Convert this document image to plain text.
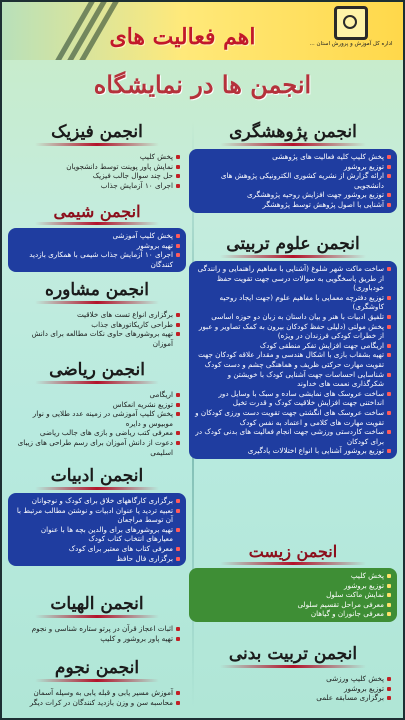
اداره کل آموزش و پرورش استان ...
اهم فعالیت های
انجمن ها در نمایشگاه
انجمن پژوهشگری

پخش کلیپ کلیه فعالیت های پژوهشی

توزیع بروشور

ارائه گزارش از نشریه کشوری الکترونیکی پژوهش های دانشجویی

توزیع بروشور جهت افزایش روحیه پژوهشگری

آشنایی با اصول پژوهش توسط پژوهشگر

انجمن علوم تربیتی

ساخت ماکت شهر شلوغ (آشنایی با مفاهیم راهنمایی و رانندگی از طریق پاسخگویی به سوالات درسی جهت تقویت حفظ خودباوری)

توزیع دفترچه معمایی با مفاهیم علوم (جهت ایجاد روحیه کاوشگری)

تلفیق ادبیات با هنر و بیان داستان به زبان دو حوزه اساسی

پخش مولتی (دلیلی حفظ کودکان بیرون به کمک تصاویر و عبور از خطرات کودکی فرزندان در ویژه)

اریگامی جهت افزایش تفکر منطقی کودک

تهیه بشقاب بازی با اشکال هندسی و مقدار علاقه کودکان جهت تقویت مهارت حرکتی ظریف و هماهنگی چشم و دست کودک

شناسایی احساسات جهت آشنایی کودک با خویشتن و شکرگذاری نعمت های خداوند

ساخت عروسک های نمایشی ساده و سبک با وسایل دور انداختنی جهت افزایش خلاقیت کودک و قدرت تخیل

ساخت عروسک های انگشتی جهت تقویت دست ورزی کودکان و تقویت مهارت های کلامی و اعتماد به نفس کودک

ساخت کاردستی ورزشی جهت انجام فعالیت های بدنی کودک در برای کودکان

توزیع بروشور آشنایی با انواع اختلالات یادگیری

انجمن زیست

پخش کلیپ

توزیع بروشور

نمایش ماکت سلول

معرفی مراحل تقسیم سلولی

معرفی جانوران و گیاهان

انجمن تربیت بدنی

پخش کلیپ ورزشی

توزیع بروشور

برگزاری مسابقه علمی

انجمن فیزیک

پخش کلیپ

نمایش پاور پوینت توسط دانشجویان

حل چند سوال جالب فیزیک

اجرای ۱۰ آزمایش جذاب

انجمن شیمی

پخش کلیپ آموزشی

تهیه بروشور

اجرای ۱۰ آزمایش جذاب شیمی با همکاری بازدید کنندگان

انجمن مشاوره

برگزاری انواع تست های خلاقیت

طراحی کاریکاتورهای جذاب

تهیه بروشورهای حاوی نکات مطالعه برای دانش آموزان

انجمن ریاضی

اریگامی

توزیع نشریه انعکاس

پخش کلیپ آموزشی در زمینه عدد طلایی و نوار موبیوس و دایره

معرفی کتب ریاضی و بازی های جالب ریاضی

دعوت از دانش آموزان برای رسم طراحی های زیبای اسلیمی

انجمن ادبیات

برگزاری کارگاههای خلاق برای کودک و نوجوانان

تعبیه تردید یا عنوان ادبیات و نوشتن مطالب مرتبط با آن توسط مراجعان

تهیه بروشورهای برای والدین بچه ها با عنوان معیارهای انتخاب کتاب کودک

معرفی کتاب های معتبر برای کودک

برگزاری فال حافظ

انجمن الهیات

اثبات اعجاز قرآن در پرتو ستاره شناسی و نجوم

تهیه پاور بروشور و کلیپ

انجمن نجوم

آموزش مسیر یابی و قبله یابی به وسیله آسمان

محاسبه سن و وزن بازدید کنندگان در کرات دیگر
